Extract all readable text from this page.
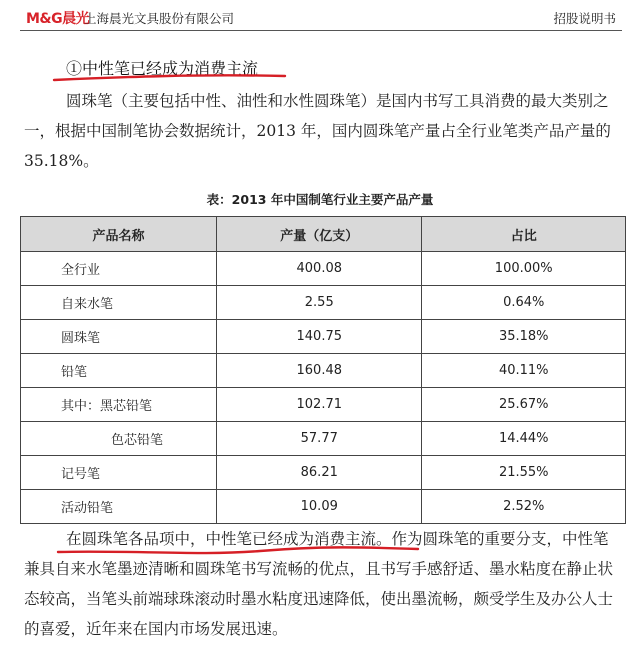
M&G晨光
上海晨光文具股份有限公司	招股说明书
①中性笔已经成为消费主流
圆珠笔（主要包括中性、油性和水性圆珠笔）是国内书写工具消费的最大类别之一，根据中国制笔协会数据统计，2013 年，国内圆珠笔产量占全行业笔类产品产量的 35.18%。
表：2013 年中国制笔行业主要产品产量
产品名称	产量（亿支）	占比
全行业	400.08	100.00%
自来水笔	2.55	0.64%
圆珠笔	140.75	35.18%
铅笔	160.48	40.11%
其中：黑芯铅笔	102.71	25.67%
色芯铅笔	57.77	14.44%
记号笔	86.21	21.55%
活动铅笔	10.09	2.52%
在圆珠笔各品项中，中性笔已经成为消费主流。作为圆珠笔的重要分支，中性笔兼具自来水笔墨迹清晰和圆珠笔书写流畅的优点，且书写手感舒适、墨水粘度在静止状态较高，当笔头前端球珠滚动时墨水粘度迅速降低，使出墨流畅，颇受学生及办公人士的喜爱，近年来在国内市场发展迅速。
